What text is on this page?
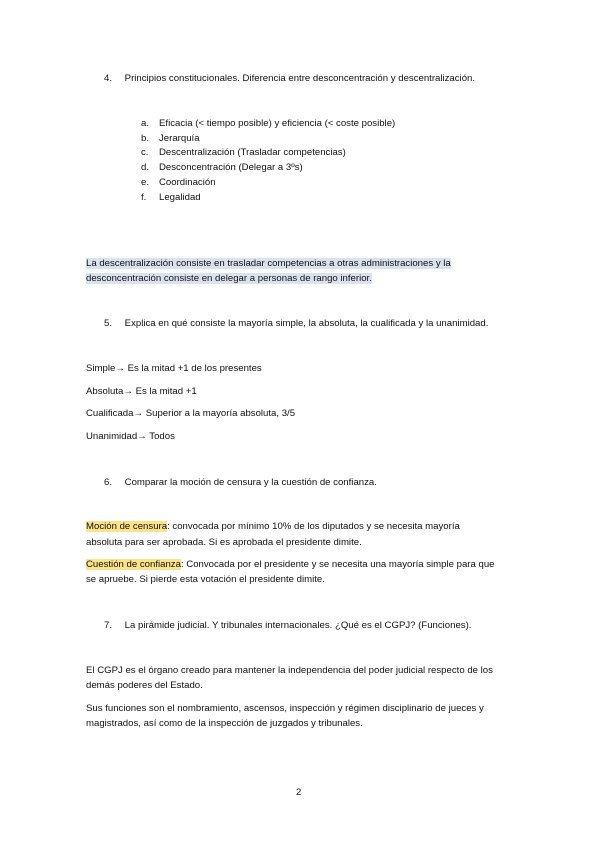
4. Principios constitucionales. Diferencia entre desconcentración y descentralización.
a. Eficacia (< tiempo posible) y eficiencia (< coste posible)
b. Jerarquía
c. Descentralización (Trasladar competencias)
d. Desconcentración (Delegar a 3ºs)
e. Coordinación
f. Legalidad
La descentralización consiste en trasladar competencias a otras administraciones y la
desconcentración consiste en delegar a personas de rango inferior.
5. Explica en qué consiste la mayoría simple, la absoluta, la cualificada y la unanimidad.
Simple→ Es la mitad +1 de los presentes
Absoluta→ Es la mitad +1
Cualificada→ Superior a la mayoría absoluta, 3/5
Unanimidad→ Todos
6. Comparar la moción de censura y la cuestión de confianza.
Moción de censura: convocada por mínimo 10% de los diputados y se necesita mayoría
absoluta para ser aprobada. Si es aprobada el presidente dimite.
Cuestión de confianza: Convocada por el presidente y se necesita una mayoría simple para que
se apruebe. Si pierde esta votación el presidente dimite.
7. La pirámide judicial. Y tribunales internacionales. ¿Qué es el CGPJ? (Funciones).
El CGPJ es el órgano creado para mantener la independencia del poder judicial respecto de los
demás poderes del Estado.
Sus funciones son el nombramiento, ascensos, inspección y régimen disciplinario de jueces y
magistrados, así como de la inspección de juzgados y tribunales.
2
